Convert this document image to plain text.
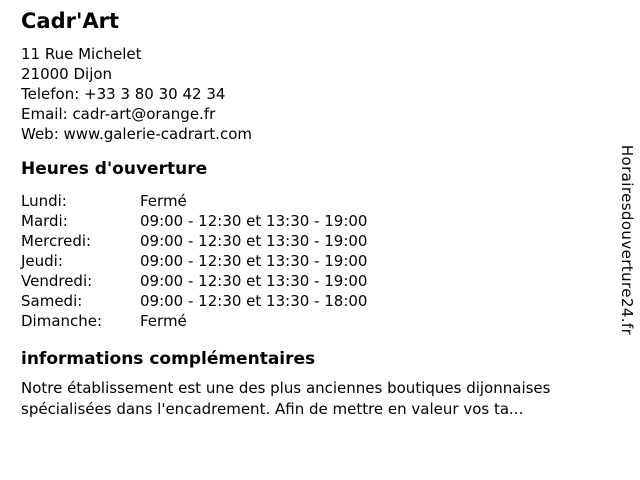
Cadr'Art
11 Rue Michelet
21000 Dijon
Telefon: +33 3 80 30 42 34
Email: cadr-art@orange.fr
Web: www.galerie-cadrart.com
Heures d'ouverture
Lundi:	Fermé
Mardi:	09:00 - 12:30 et 13:30 - 19:00
Mercredi:	09:00 - 12:30 et 13:30 - 19:00
Jeudi:	09:00 - 12:30 et 13:30 - 19:00
Vendredi:	09:00 - 12:30 et 13:30 - 19:00
Samedi:	09:00 - 12:30 et 13:30 - 18:00
Dimanche:	Fermé
informations complémentaires

Notre établissement est une des plus anciennes boutiques dijonnaises spécialisées dans l'encadrement. Afin de mettre en valeur vos ta...

Horairesdouverture24.fr
